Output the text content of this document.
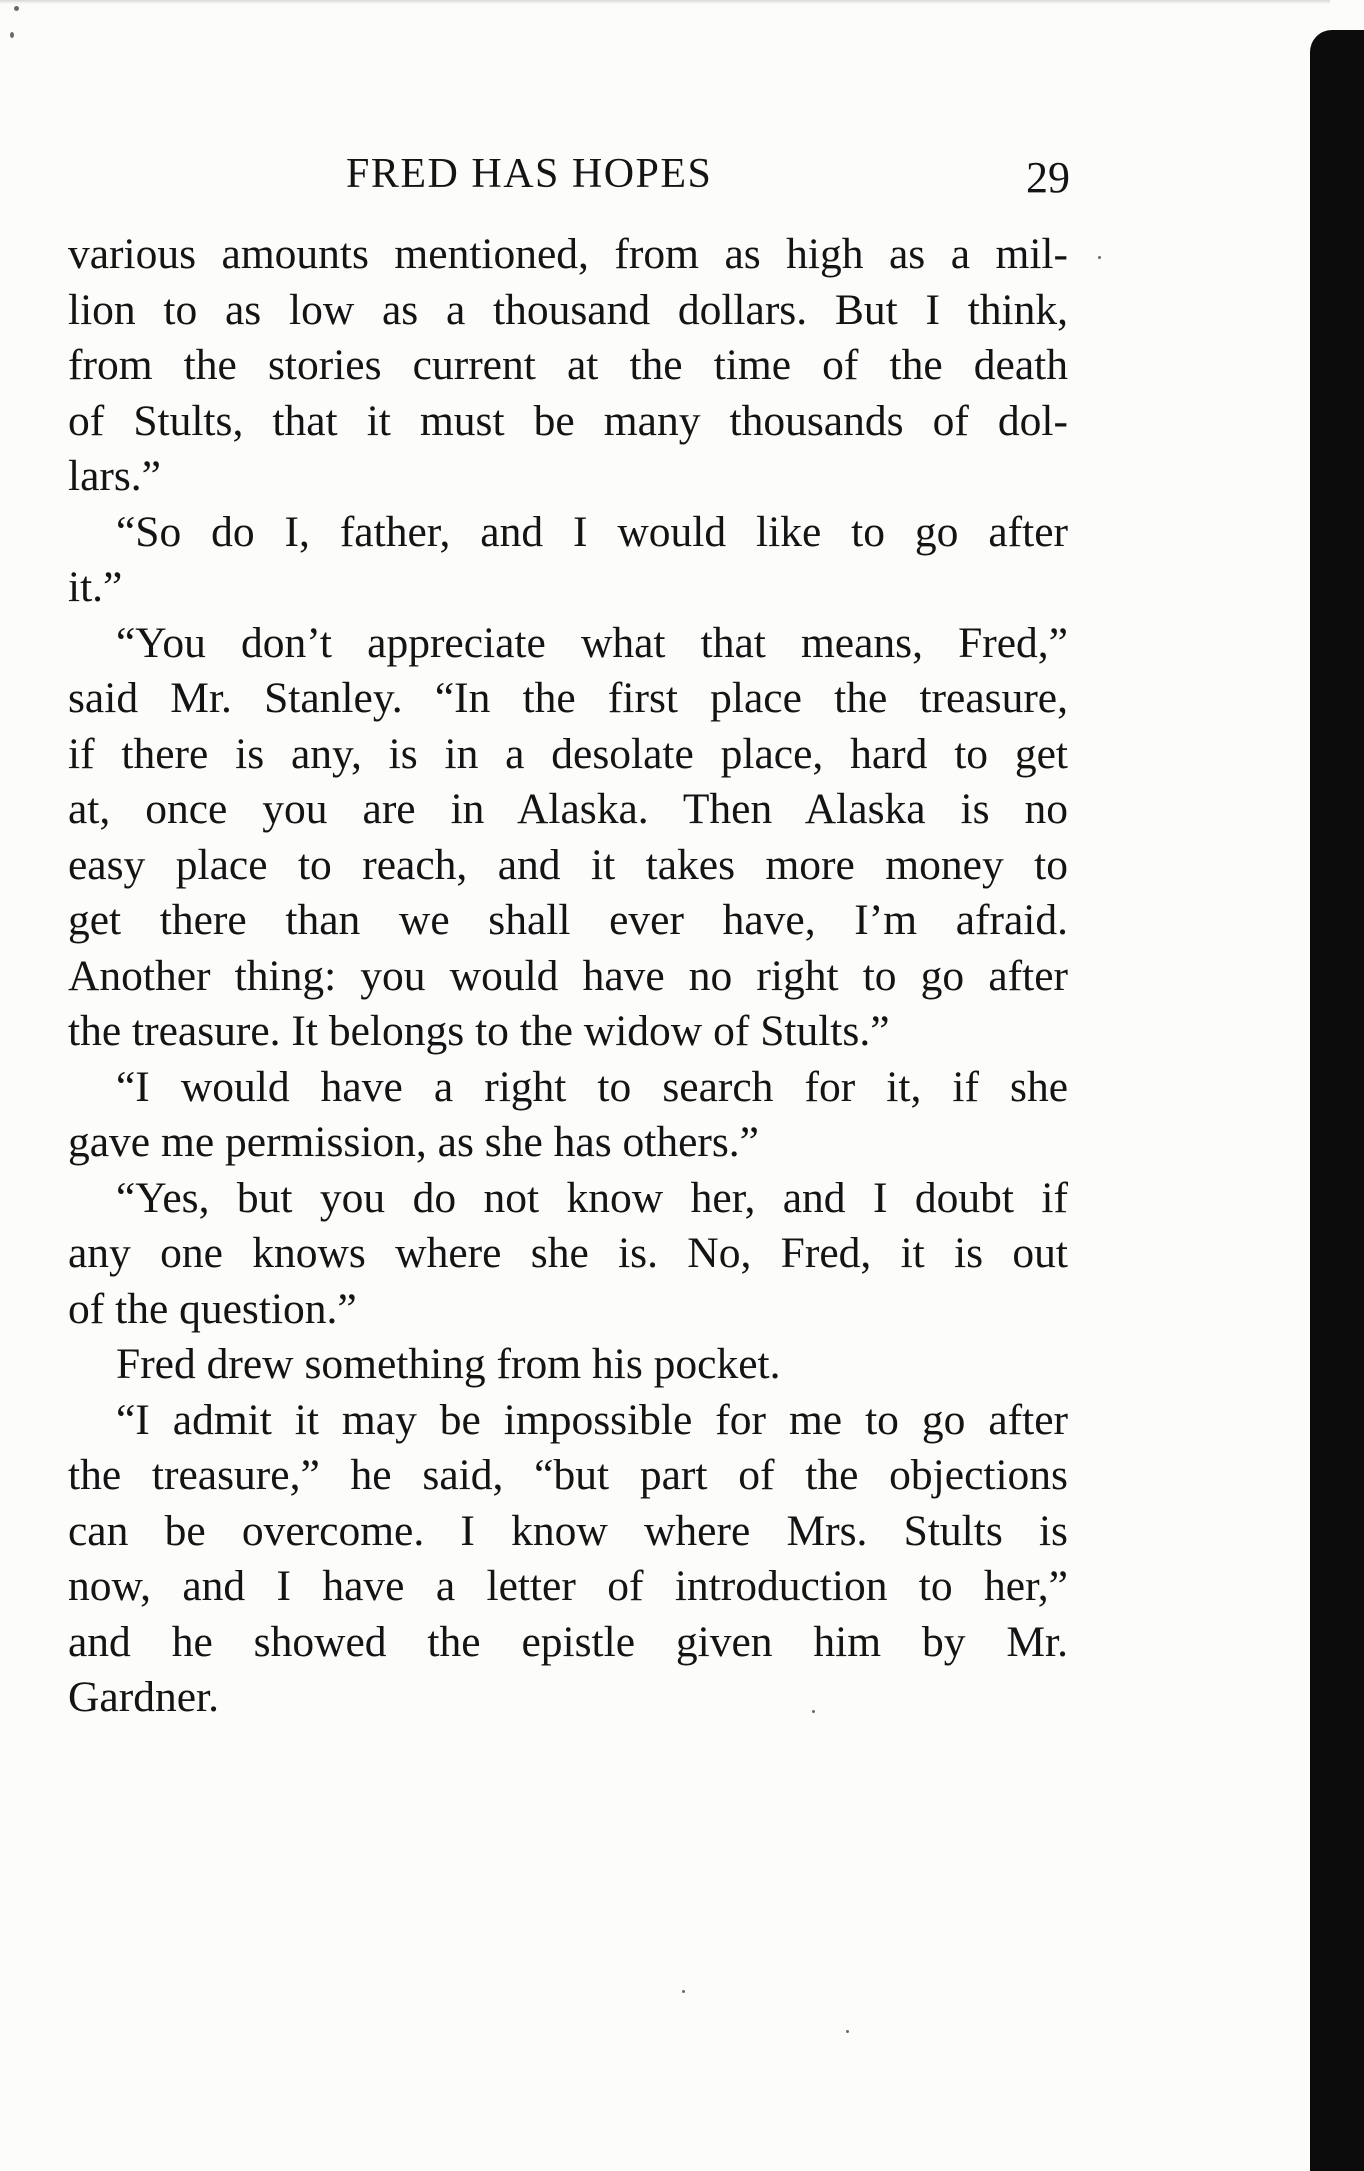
FRED HAS HOPES	29
various amounts mentioned, from as high as a mil-
lion to as low as a thousand dollars. But I think,
from the stories current at the time of the death
of Stults, that it must be many thousands of dol-
lars.”
“So do I, father, and I would like to go after
it.”
“You don’t appreciate what that means, Fred,”
said Mr. Stanley. “In the first place the treasure,
if there is any, is in a desolate place, hard to get
at, once you are in Alaska. Then Alaska is no
easy place to reach, and it takes more money to
get there than we shall ever have, I’m afraid.
Another thing: you would have no right to go after
the treasure. It belongs to the widow of Stults.”
“I would have a right to search for it, if she
gave me permission, as she has others.”
“Yes, but you do not know her, and I doubt if
any one knows where she is. No, Fred, it is out
of the question.”
Fred drew something from his pocket.
“I admit it may be impossible for me to go after
the treasure,” he said, “but part of the objections
can be overcome. I know where Mrs. Stults is
now, and I have a letter of introduction to her,”
and he showed the epistle given him by Mr.
Gardner.
